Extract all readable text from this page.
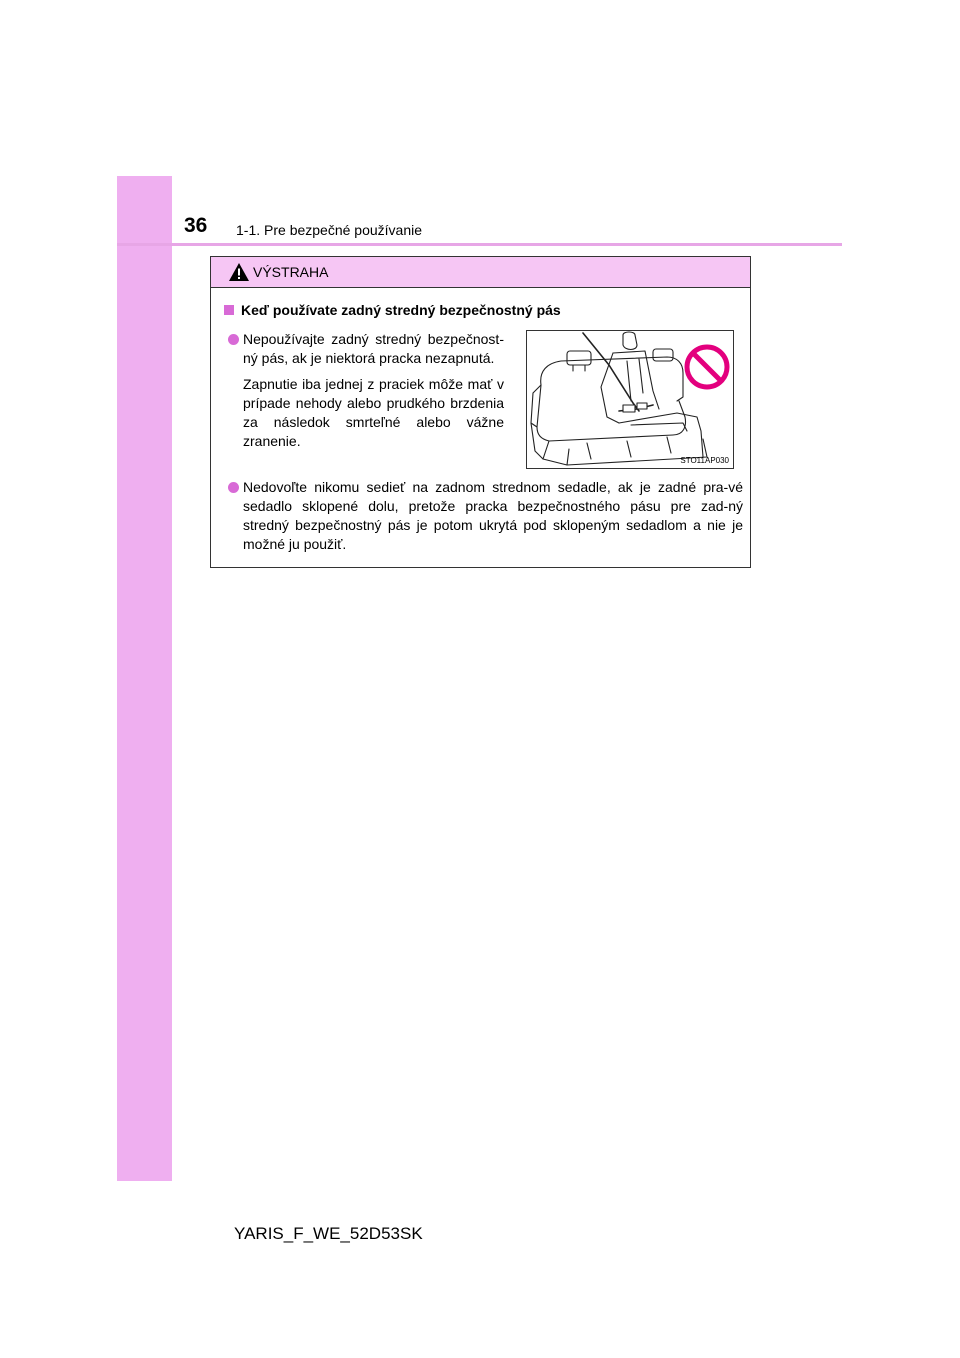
36 1-1. Pre bezpečné používanie
VÝSTRAHA
Keď používate zadný stredný bezpečnostný pás
Nepoužívajte zadný stredný bezpečnost-ný pás, ak je niektorá pracka nezapnutá.
Zapnutie iba jednej z praciek môže mať v prípade nehody alebo prudkého brzdenia za následok smrteľné alebo vážne zranenie.
STO11AP030
Nedovoľte nikomu sedieť na zadnom strednom sedadle, ak je zadné pra-vé sedadlo sklopené dolu, pretože pracka bezpečnostného pásu pre zad-ný stredný bezpečnostný pás je potom ukrytá pod sklopeným sedadlom a nie je možné ju použiť.
YARIS_F_WE_52D53SK
